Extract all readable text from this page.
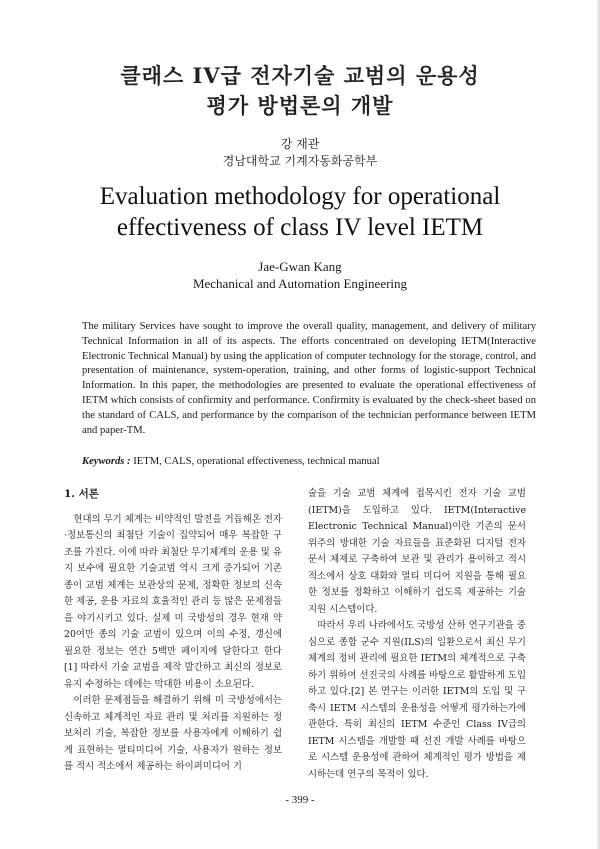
클래스 IV급 전자기술 교범의 운용성
평가 방법론의 개발
강 재관
경남대학교 기계자동화공학부
Evaluation methodology for operational
effectiveness of class IV level IETM
Jae-Gwan Kang
Mechanical and Automation Engineering

The military Services have sought to improve the overall quality, management, and delivery of military Technical Information in all of its aspects. The efforts concentrated on developing IETM(Interactive Electronic Technical Manual) by using the application of computer technology for the storage, control, and presentation of maintenance, system-operation, training, and other forms of logistic-support Technical Information. In this paper, the methodologies are presented to evaluate the operational effectiveness of IETM which consists of confirmity and performance. Confirmity is evaluated by the check-sheet based on the standard of CALS, and performance by the comparison of the technician performance between IETM and paper-TM.

Keywords : IETM, CALS, operational effectiveness, technical manual
1. 서론

현대의 무기 체계는 비약적인 발전을 거듭해온 전자·정보통신의 최첨단 기술이 집약되어 매우 복잡한 구조를 가진다. 이에 따라 최첨단 무기체계의 운용 및 유지 보수에 필요한 기술교범 역시 크게 증가되어 기존 종이 교범 체계는 보관상의 문제, 정확한 정보의 신속한 제공, 운용 자료의 효율적인 관리 등 많은 문제점들을 야기시키고 있다. 실제 미 국방성의 경우 현재 약 20여만 종의 기술 교범이 있으며 이의 수정, 갱신에 필요한 정보는 연간 5백만 페이지에 달한다고 한다[1] 따라서 기술 교범을 제작 발간하고 최신의 정보로 유지 수정하는 데에는 막대한 비용이 소요된다.

이러한 문제점들을 해결하기 위해 미 국방성에서는 신속하고 체계적인 자료 관리 및 처리를 지원하는 정보처리 기술, 복잡한 정보를 사용자에게 이해하기 쉽게 표현하는 멀티미디어 기술, 사용자가 원하는 정보를 적시 적소에서 제공하는 하이퍼미디어 기

술을 기술 교범 체계에 접목시킨 전자 기술 교범(IETM)을 도입하고 있다. IETM(Interactive Electronic Technical Manual)이란 기존의 문서 위주의 방대한 기술 자료들을 표준화된 디지털 전자 문서 체제로 구축하여 보관 및 관리가 용이하고 적시 적소에서 상호 대화와 멀티 미디어 지원을 통해 필요한 정보를 정확하고 이해하기 쉽도록 제공하는 기술 지원 시스템이다.

따라서 우리 나라에서도 국방성 산하 연구기관을 중심으로 종합 군수 지원(ILS)의 일환으로서 최신 무기 체계의 정비 관리에 필요한 IETM의 체계적으로 구축하기 위하여 선진국의 사례를 바탕으로 활발하게 도입하고 있다.[2] 본 연구는 이러한 IETM의 도입 및 구축시 IETM 시스템의 운용성을 어떻게 평가하는가에 관한다. 특히 최신의 IETM 수준인 Class IV급의 IETM 시스템을 개발할 때 선진 개발 사례를 바탕으로 시스템 운용성에 관하여 체계적인 평가 방법을 제시하는데 연구의 목적이 있다.

- 399 -
